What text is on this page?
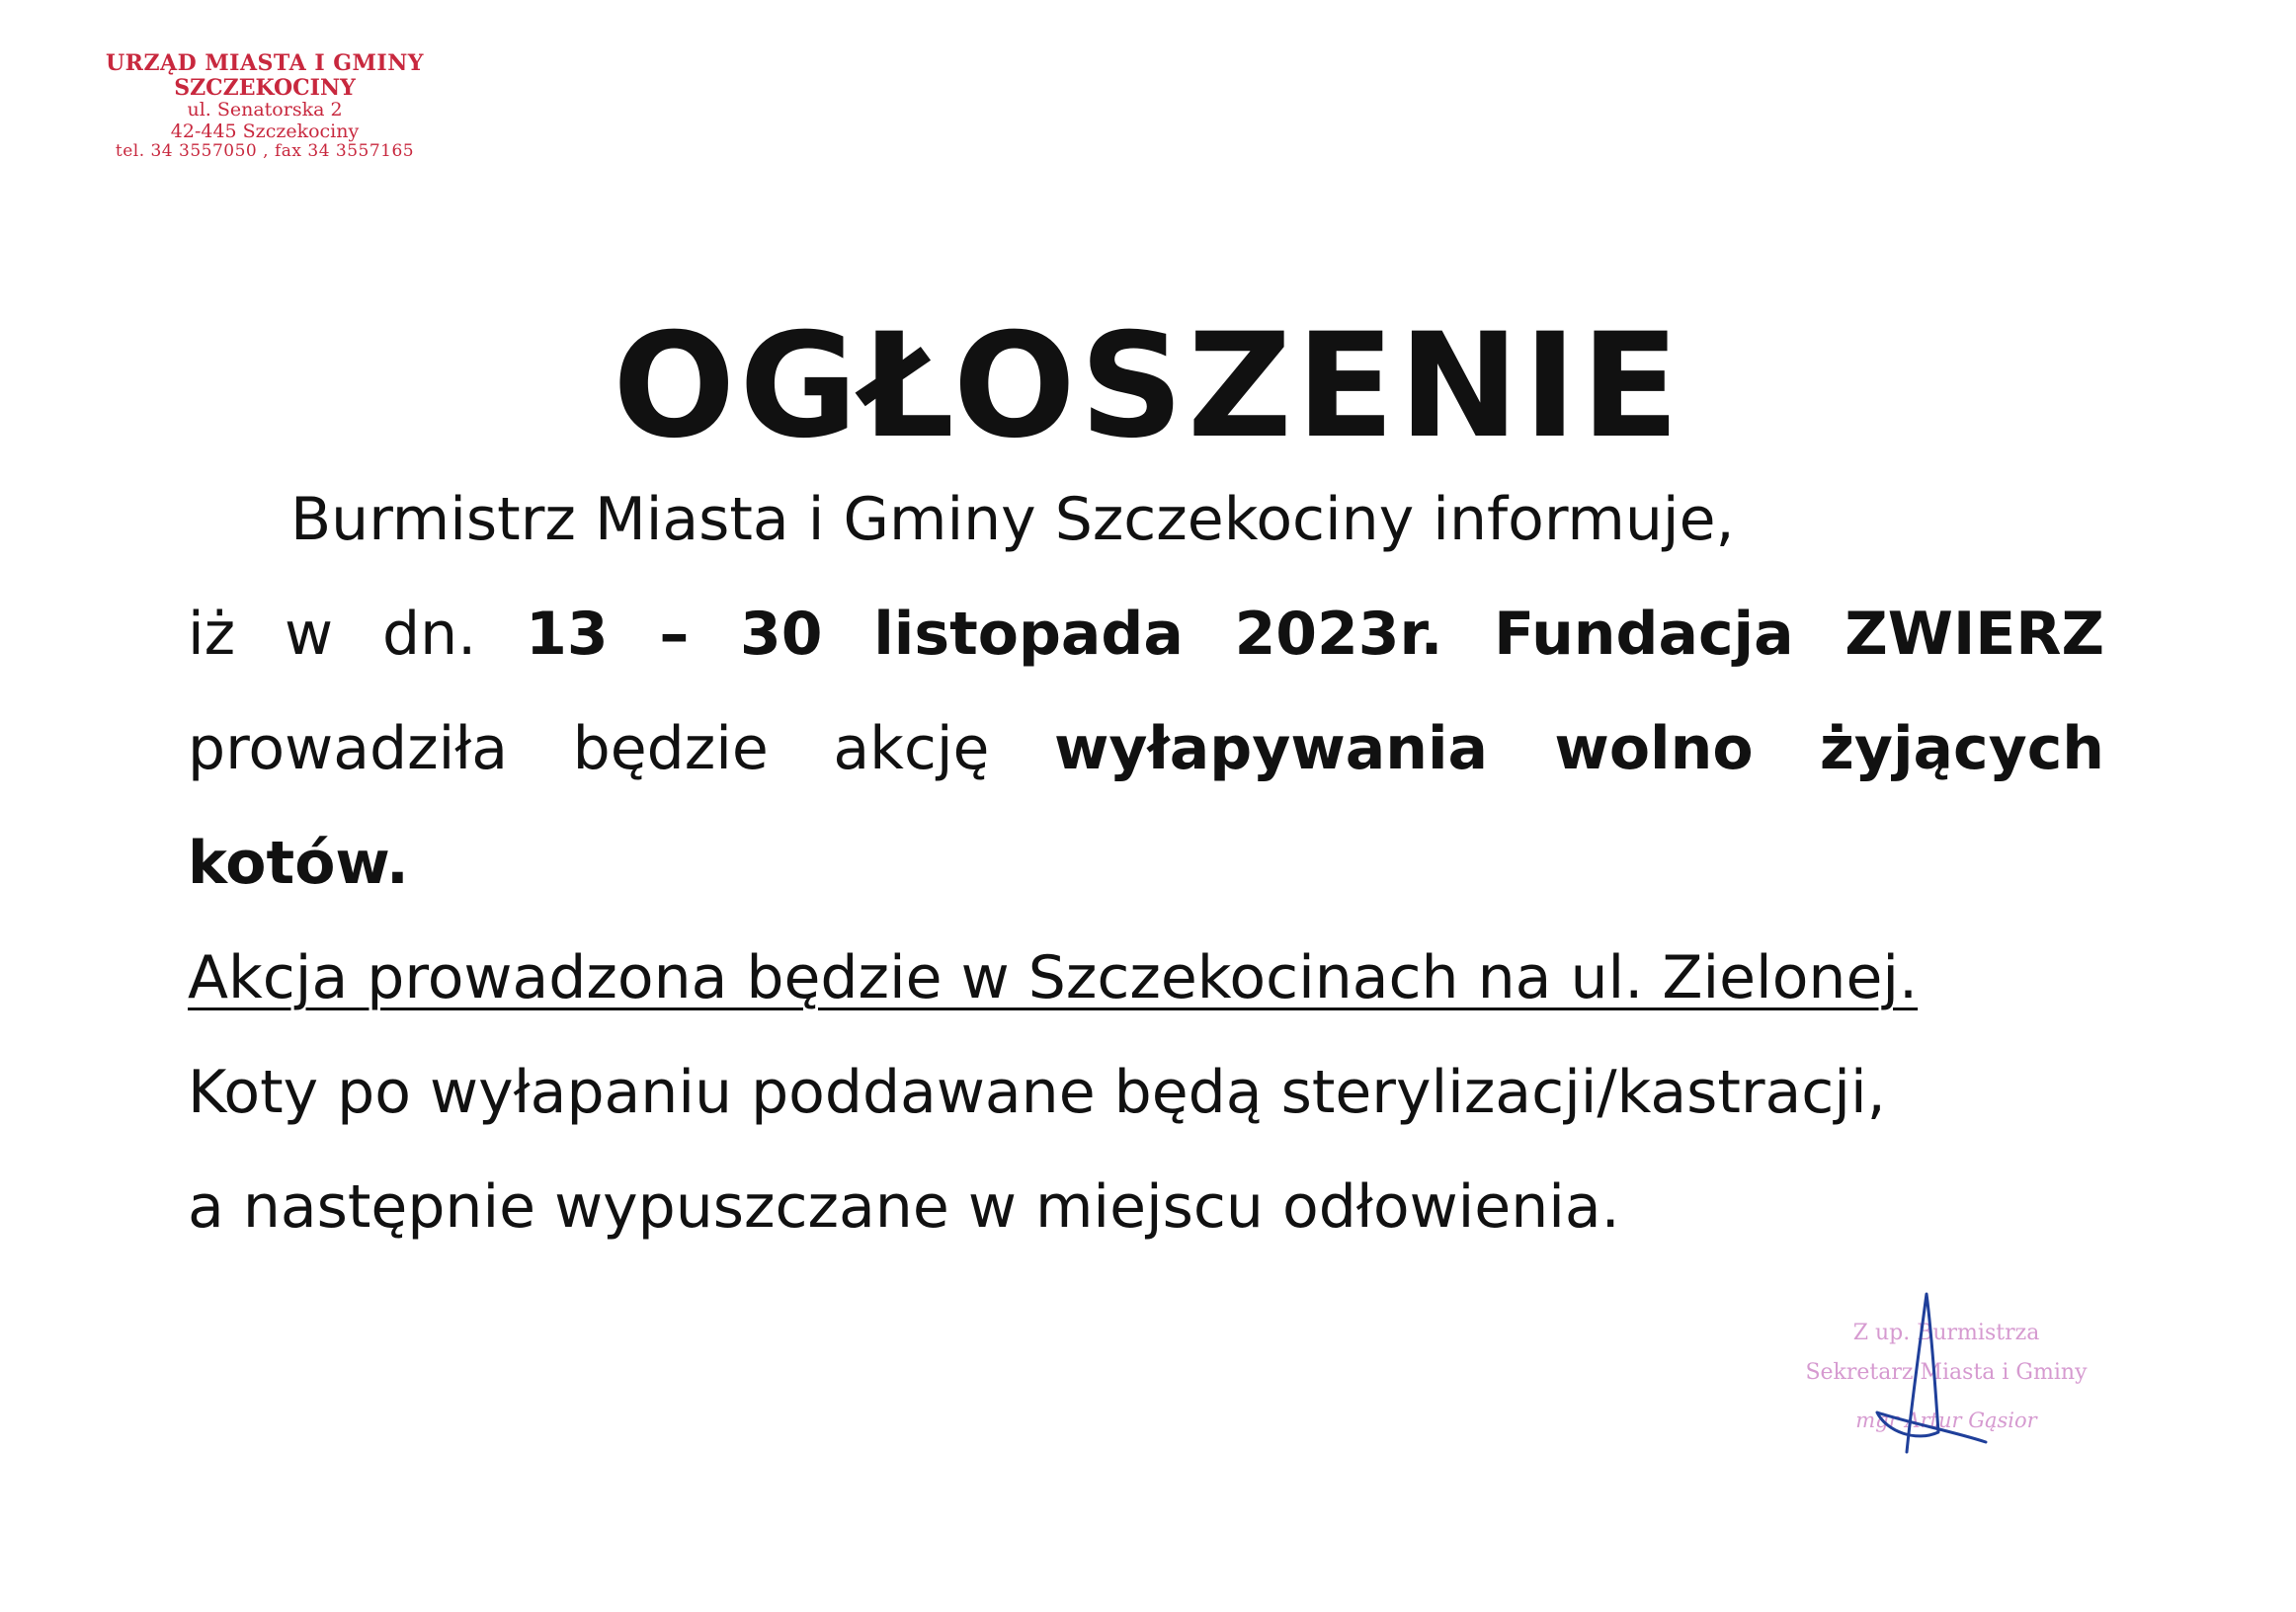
URZĄD MIASTA I GMINY
SZCZEKOCINY
ul. Senatorska 2
42-445 Szczekociny
tel. 34 3557050 , fax 34 3557165
OGŁOSZENIE

Burmistrz Miasta i Gminy Szczekociny informuje,

iż w dn. 13 – 30 listopada 2023r. Fundacja ZWIERZ

prowadziła będzie akcję wyłapywania wolno żyjących

kotów.

Akcja prowadzona będzie w Szczekocinach na ul. Zielonej.

Koty po wyłapaniu poddawane będą sterylizacji/kastracji,

a następnie wypuszczane w miejscu odłowienia.

Z up. Burmistrza
Sekretarz Miasta i Gminy
mgr Artur Gąsior
